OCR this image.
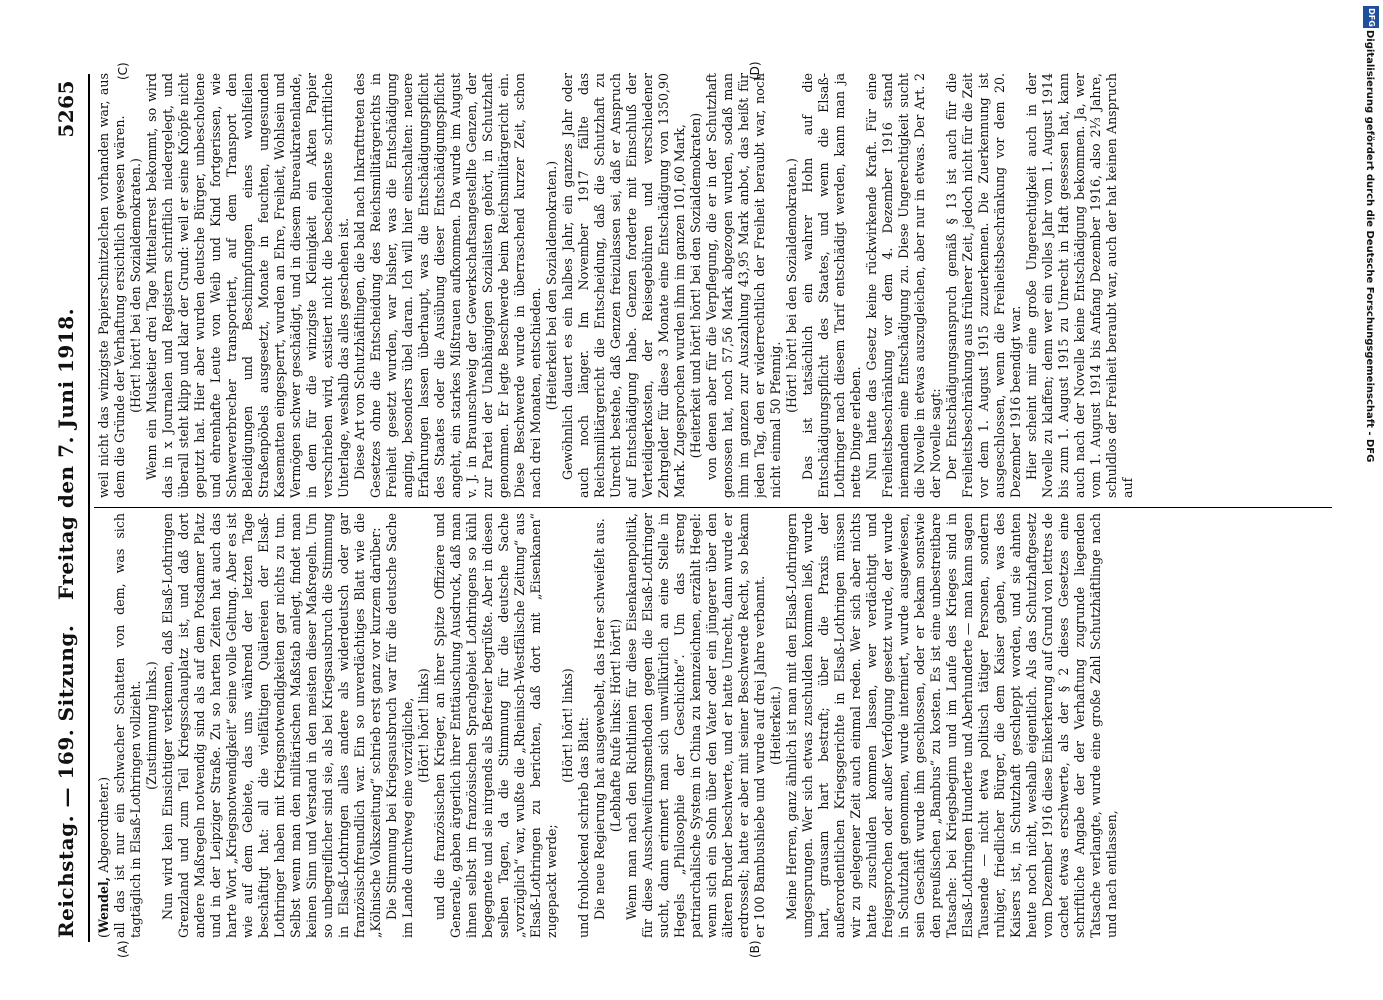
Reichstag. — 169. Sitzung.
Freitag den 7. Juni 1918.
5265
(A)	(B)
(C)	(D)

(Wendel, Abgeordneter.) all das ist nur ein schwacher Schatten von dem, was sich tagtäglich in Elsaß-Lothringen vollzieht. (Zustimmung links.) Nun wird kein Einsichtiger verkennen, daß Elsaß-Lothringen Grenzland und zum Teil Kriegsschauplatz ist, und daß dort andere Maßregeln notwendig sind als auf dem Potsdamer Platz und in der Leipziger Straße. Zu so harten Zeiten hat auch das harte Wort „Kriegsnotwendigkeit“ seine volle Geltung. Aber es ist wie auf dem Gebiete, das uns während der letzten Tage beschäftigt hat: all die vielfältigen Quälereien der Elsaß-Lothringer haben mit Kriegsnotwendigkeiten gar nichts zu tun. Selbst wenn man den militärischen Maßstab anlegt, findet man keinen Sinn und Verstand in den meisten dieser Maßregeln. Um so unbegreiflicher sind sie, als bei Kriegsausbruch die Stimmung in Elsaß-Lothringen alles andere als widerdeutsch oder gar französischfreundlich war. Ein so unverdächtiges Blatt wie die „Kölnische Volkszeitung“ schrieb erst ganz vor kurzem darüber: Die Stimmung bei Kriegsausbruch war für die deutsche Sache im Lande durchweg eine vorzügliche, (Hört! hört! links) und die französischen Krieger, an ihrer Spitze Offiziere und Generale, gaben ärgerlich ihrer Enttäuschung Ausdruck, daß man ihnen selbst im französischen Sprachgebiet Lothringens so kühl begegnete und sie nirgends als Befreier begrüßte. Aber in diesen selben Tagen, da die Stimmung für die deutsche Sache „vorzüglich“ war, wußte die „Rheinisch-Westfälische Zeitung“ aus Elsaß-Lothringen zu berichten, daß dort mit „Eisenkanen“ zugepackt werde;

(Hört! hört! links) und frohlockend schrieb das Blatt: Die neue Regierung hat ausgewebelt, das Heer schweifelt aus. (Lebhafte Rufe links: Hört! hört!) Wenn man nach den Richtlinien für diese Eisenkanenpolitik, für diese Ausschweifungsmethoden gegen die Elsaß-Lothringer sucht, dann erinnert man sich unwillkürlich an eine Stelle in Hegels „Philosophie der Geschichte“. Um das streng patriarchalische System in China zu kennzeichnen, erzählt Hegel: wenn sich ein Sohn über den Vater oder ein jüngerer über den älteren Bruder beschwerte, und er hatte Unrecht, dann wurde er erdrosselt; hatte er aber mit seiner Beschwerde Recht, so bekam er 100 Bambushiebe und wurde auf drei Jahre verbannt. (Heiterkeit.) Meine Herren, ganz ähnlich ist man mit den Elsaß-Lothringern umgesprungen. Wer sich etwas zuschulden kommen ließ, wurde hart, grausam hart bestraft; über die Praxis der außerordentlichen Kriegsgerichte in Elsaß-Lothringen müssen wir zu gelegener Zeit auch einmal reden. Wer sich aber nichts hatte zuschulden kommen lassen, wer verdächtigt und freigesprochen oder außer Verfolgung gesetzt wurde, der wurde in Schutzhaft genommen, wurde interniert, wurde ausgewiesen, sein Geschäft wurde ihm geschlossen, oder er bekam sonstwie den preußischen „Bambus“ zu kosten. Es ist eine unbestreitbare Tatsache: bei Kriegsbeginn und im Laufe des Krieges sind in Elsaß-Lothringen Hunderte und Aberhunderte — man kann sagen Tausende — nicht etwa politisch tätiger Personen, sondern ruhiger, friedlicher Bürger, die dem Kaiser gaben, was des Kaisers ist, in Schutzhaft geschleppt worden, und sie ahnten heute noch nicht, weshalb eigentlich. Als das Schutzhaftgesetz vom Dezember 1916 diese Einkerkerung auf Grund von lettres de cachet etwas erschwerte, als der § 2 dieses Gesetzes eine schriftliche Angabe der der Verhaftung zugrunde liegenden Tatsache verlangte, wurde eine große Zahl Schutzhäftlinge nach und nach entlassen,

weil nicht das winzigste Papierschnitzelchen vorhanden war, aus dem die Gründe der Verhaftung ersichtlich gewesen wären. (Hört! hört! bei den Sozialdemokraten.) Wenn ein Musketier drei Tage Mittelarrest bekommt, so wird das in x Journalen und Registern schriftlich niedergelegt, und überall steht klipp und klar der Grund: weil er seine Knöpfe nicht geputzt hat. Hier aber wurden deutsche Bürger, unbescholtene und ehrenhafte Leute von Weib und Kind fortgerissen, wie Schwerverbrecher transportiert, auf dem Transport den Beleidigungen und Beschimpfungen eines wohlfeilen Straßenpöbels ausgesetzt, Monate in feuchten, ungesunden Kasematten eingesperrt, wurden an Ehre, Freiheit, Wohlsein und Vermögen schwer geschädigt, und in diesem Bureaukratenlande, in dem für die winzigste Kleinigkeit ein Akten Papier verschrieben wird, existiert nicht die bescheidenste schriftliche Unterlage, weshalb das alles geschehen ist. Diese Art von Schutzhäftlingen, die bald nach Inkrafttreten des Gesetzes ohne die Entscheidung des Reichsmilitärgerichts in Freiheit gesetzt wurden, war bisher, was die Entschädigung anging, besonders übel daran. Ich will hier einschalten: neuere Erfahrungen lassen überhaupt, was die Entschädigungspflicht des Staates oder die Ausübung dieser Entschädigungspflicht angeht, ein starkes Mißtrauen aufkommen. Da wurde im August v. J. in Braunschweig der Gewerkschaftsangestellte Genzen, der zur Partei der Unabhängigen Sozialisten gehört, in Schutzhaft genommen. Er legte Beschwerde beim Reichsmilitärgericht ein. Diese Beschwerde wurde in überraschend kurzer Zeit, schon nach drei Monaten, entschieden. (Heiterkeit bei den Sozialdemokraten.) Gewöhnlich dauert es ein halbes Jahr, ein ganzes Jahr oder auch noch länger. Im November 1917 fällte das Reichsmilitärgericht die Entscheidung, daß die Schutzhaft zu Unrecht bestehe, daß Genzen freizulassen sei, daß er Anspruch auf Entschädigung habe. Genzen forderte mit Einschluß der Verteidigerkosten, der Reisegebühren und verschiedener Zehrgelder für diese 3 Monate eine Entschädigung von 1350,90 Mark. Zugesprochen wurden ihm im ganzen 101,60 Mark, (Heiterkeit und hört! hört! bei den Sozialdemokraten) von denen aber für die Verpflegung, die er in der Schutzhaft genossen hat, noch 57,56 Mark abgezogen wurden, sodaß man ihm im ganzen zur Auszahlung 43,95 Mark anbot, das heißt für jeden Tag, den er widerrechtlich der Freiheit beraubt war, noch nicht einmal 50 Pfennig.

(Hört! hört! bei den Sozialdemokraten.) Das ist tatsächlich ein wahrer Hohn auf die Entschädigungspflicht des Staates, und wenn die Elsaß-Lothringer nach diesem Tarif entschädigt werden, kann man ja nette Dinge erleben. Nun hatte das Gesetz keine rückwirkende Kraft. Für eine Freiheitsbeschränkung vor dem 4. Dezember 1916 stand niemandem eine Entschädigung zu. Diese Ungerechtigkeit sucht die Novelle in etwas auszugleichen, aber nur in etwas. Der Art. 2 der Novelle sagt: Der Entschädigungsanspruch gemäß § 13 ist auch für die Freiheitsbeschränkung aus früherer Zeit, jedoch nicht für die Zeit vor dem 1. August 1915 zuzuerkennen. Die Zuerkennung ist ausgeschlossen, wenn die Freiheitsbeschränkung vor dem 20. Dezember 1916 beendigt war. Hier scheint mir eine große Ungerechtigkeit auch in der Novelle zu klaffen; denn wer ein volles Jahr vom 1. August 1914 bis zum 1. August 1915 zu Unrecht in Haft gesessen hat, kann auch nach der Novelle keine Entschädigung bekommen. Ja, wer vom 1. August 1914 bis Anfang Dezember 1916, also 2⅓ Jahre, schuldlos der Freiheit beraubt war, auch der hat keinen Anspruch auf

DFG
Digitalisierung gefördert durch die Deutsche Forschungsgemeinschaft - DFG
